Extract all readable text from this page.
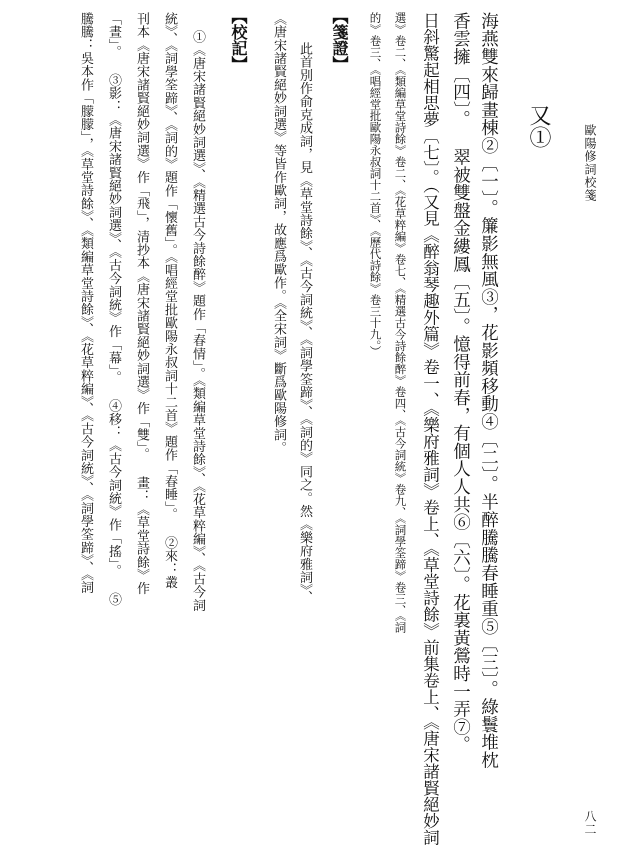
歐陽修詞校箋
八二
又①
海燕雙來歸畫棟②〔一〕。簾影無風③，花影頻移動④〔二〕。半醉騰騰春睡重⑤〔三〕。綠鬟堆枕
香雲擁〔四〕。 翠被雙盤金縷鳳〔五〕。憶得前春，有個人人共⑥〔六〕。花裏黃鶯時一弄⑦。
日斜驚起相思夢〔七〕。（又見《醉翁琴趣外篇》卷一、《樂府雅詞》卷上、《草堂詩餘》前集卷上、《唐宋諸賢絕妙詞
選》卷二、《類編草堂詩餘》卷二、《花草粹編》卷七、《精選古今詩餘醉》卷四、《古今詞統》卷九、《詞學筌蹄》卷三、《詞
的》卷三、《唱經堂批歐陽永叔詞十二首》、《歷代詩餘》卷三十九。）
【箋證】
此首別作俞克成詞，見《草堂詩餘》、《古今詞統》、《詞學筌蹄》、《詞的》同之。然《樂府雅詞》、
《唐宋諸賢絕妙詞選》等皆作歐詞，故應爲歐作。《全宋詞》斷爲歐陽修詞。
【校記】
①《唐宋諸賢絕妙詞選》、《精選古今詩餘醉》題作「春情」。《類編草堂詩餘》、《花草粹編》、《古今詞
統》、《詞學筌蹄》、《詞的》題作「懷舊」。《唱經堂批歐陽永叔詞十二首》題作「春睡」。 ②來：叢
刊本《唐宋諸賢絕妙詞選》作「飛」，清抄本《唐宋諸賢絕妙詞選》作「雙」。 畫：《草堂詩餘》作
「晝」。 ③影：《唐宋諸賢絕妙詞選》、《古今詞統》作「幕」。 ④移：《古今詞統》作「搖」。 ⑤
騰騰：吳本作「朦朦」，《草堂詩餘》、《類編草堂詩餘》、《花草粹編》、《古今詞統》、《詞學筌蹄》、《詞
